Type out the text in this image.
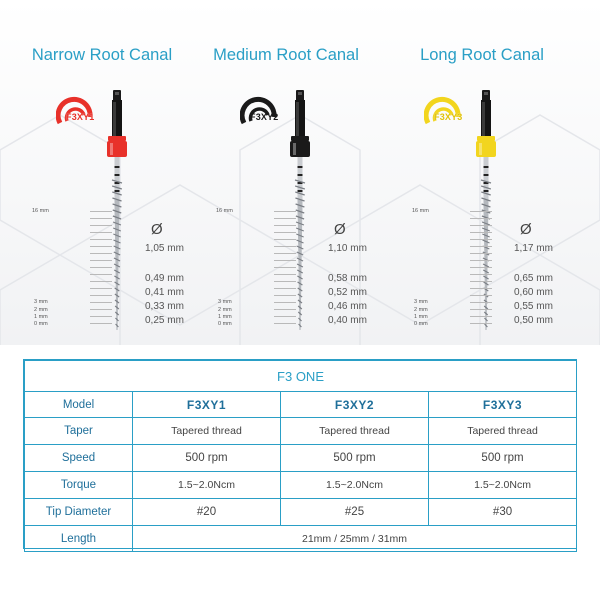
Narrow Root Canal
F3XY1
16 mm
3 mm
2 mm
1 mm
0 mm
Ø
1,05 mm
0,49 mm
0,41 mm
0,33 mm
0,25 mm
Medium Root Canal
F3XY2
16 mm
3 mm
2 mm
1 mm
0 mm
Ø
1,10 mm
0,58 mm
0,52 mm
0,46 mm
0,40 mm
Long Root Canal
F3XY3
16 mm
3 mm
2 mm
1 mm
0 mm
Ø
1,17 mm
0,65 mm
0,60 mm
0,55 mm
0,50 mm
F3 ONE			
Model	F3XY1	F3XY2	F3XY3
Taper	Tapered thread	Tapered thread	Tapered thread
Speed	500 rpm	500 rpm	500 rpm
Torque	1.5~2.0Ncm	1.5~2.0Ncm	1.5~2.0Ncm
Tip Diameter	#20	#25	#30
Length	21mm / 25mm / 31mm		
